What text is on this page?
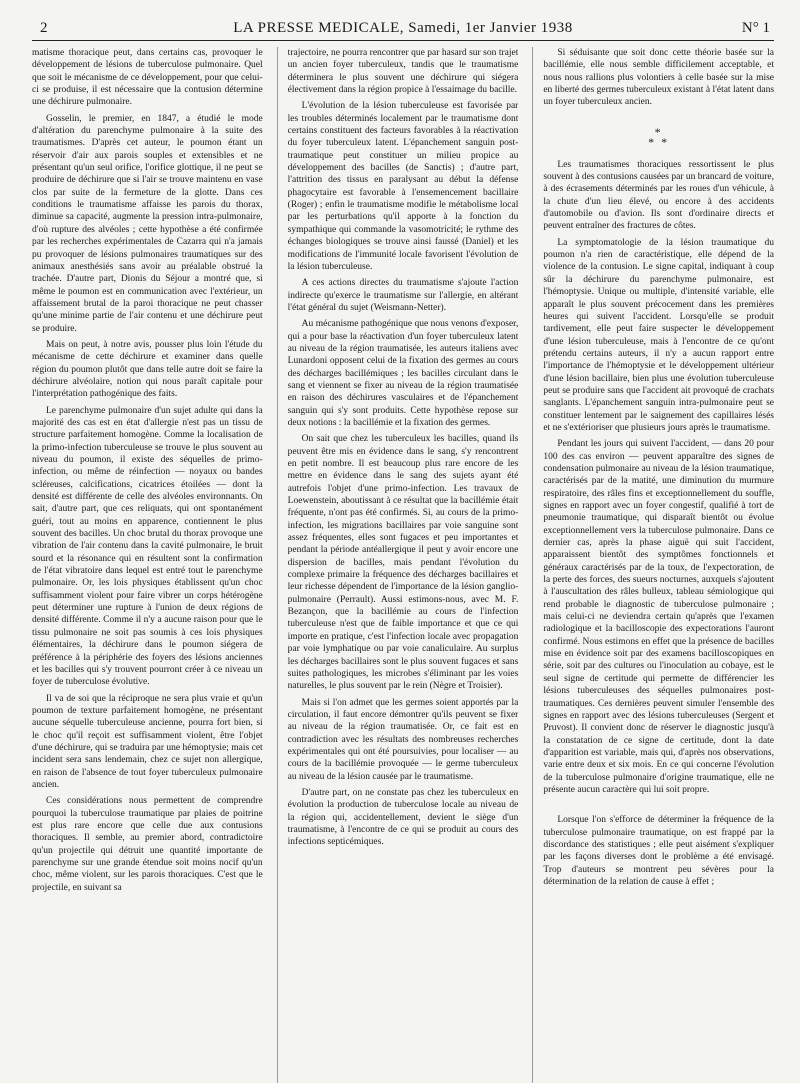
2	LA PRESSE MEDICALE, Samedi, 1er Janvier 1938	N° 1

matisme thoracique peut, dans certains cas, provoquer le développement de lésions de tuberculose pulmonaire. Quel que soit le mécanisme de ce développement, pour que celui-ci se produise, il est nécessaire que la contusion détermine une déchirure pulmonaire.

Gosselin, le premier, en 1847, a étudié le mode d'altération du parenchyme pulmonaire à la suite des traumatismes. D'après cet auteur, le poumon étant un réservoir d'air aux parois souples et extensibles et ne présentant qu'un seul orifice, l'orifice glottique, il ne peut se produire de déchirure que si l'air se trouve maintenu en vase clos par suite de la fermeture de la glotte. Dans ces conditions le traumatisme affaisse les parois du thorax, diminue sa capacité, augmente la pression intra-pulmonaire, d'où rupture des alvéoles ; cette hypothèse a été confirmée par les recherches expérimentales de Cazarra qui n'a jamais pu provoquer de lésions pulmonaires traumatiques sur des animaux anesthésiés sans avoir au préalable obstrué la trachée. D'autre part, Dionis du Séjour a montré que, si même le poumon est en communication avec l'extérieur, un affaissement brutal de la paroi thoracique ne peut chasser qu'une minime partie de l'air contenu et une déchirure peut se produire.

Mais on peut, à notre avis, pousser plus loin l'étude du mécanisme de cette déchirure et examiner dans quelle région du poumon plutôt que dans telle autre doit se faire la déchirure alvéolaire, notion qui nous paraît capitale pour l'interprétation pathogénique des faits.

Le parenchyme pulmonaire d'un sujet adulte qui dans la majorité des cas est en état d'allergie n'est pas un tissu de structure parfaitement homogène. Comme la localisation de la primo-infection tuberculeuse se trouve le plus souvent au niveau du poumon, il existe des séquelles de primo-infection, ou même de réinfection — noyaux ou bandes scléreuses, calcifications, cicatrices étoilées — dont la densité est différente de celle des alvéoles environnants. On sait, d'autre part, que ces reliquats, qui ont spontanément guéri, tout au moins en apparence, contiennent le plus souvent des bacilles. Un choc brutal du thorax provoque une vibration de l'air contenu dans la cavité pulmonaire, le bruit sourd et la résonance qui en résultent sont la confirmation de l'état vibratoire dans lequel est entré tout le parenchyme pulmonaire. Or, les lois physiques établissent qu'un choc suffisamment violent pour faire vibrer un corps hétérogène peut déterminer une rupture à l'union de deux régions de densité différente. Comme il n'y a aucune raison pour que le tissu pulmonaire ne soit pas soumis à ces lois physiques élémentaires, la déchirure dans le poumon siégera de préférence à la périphérie des foyers des lésions anciennes et les bacilles qui s'y trouvent pourront créer à ce niveau un foyer de tuberculose évolutive.

Il va de soi que la réciproque ne sera plus vraie et qu'un poumon de texture parfaitement homogène, ne présentant aucune séquelle tuberculeuse ancienne, pourra fort bien, si le choc qu'il reçoit est suffisamment violent, être l'objet d'une déchirure, qui se traduira par une hémoptysie; mais cet incident sera sans lendemain, chez ce sujet non allergique, en raison de l'absence de tout foyer tuberculeux pulmonaire ancien.

Ces considérations nous permettent de comprendre pourquoi la tuberculose traumatique par plaies de poitrine est plus rare encore que celle due aux contusions thoraciques. Il semble, au premier abord, contradictoire qu'un projectile qui détruit une quantité importante de parenchyme sur une grande étendue soit moins nocif qu'un choc, même violent, sur les parois thoraciques. C'est que le projectile, en suivant sa

trajectoire, ne pourra rencontrer que par hasard sur son trajet un ancien foyer tuberculeux, tandis que le traumatisme déterminera le plus souvent une déchirure qui siégera électivement dans la région propice à l'essaimage du bacille.

L'évolution de la lésion tuberculeuse est favorisée par les troubles déterminés localement par le traumatisme dont certains constituent des facteurs favorables à la réactivation du foyer tuberculeux latent. L'épanchement sanguin post-traumatique peut constituer un milieu propice au développement des bacilles (de Sanctis) ; d'autre part, l'attrition des tissus en paralysant au début la défense phagocytaire est favorable à l'ensemencement bacillaire (Roger) ; enfin le traumatisme modifie le métabolisme local par les perturbations qu'il apporte à la fonction du sympathique qui commande la vasomotricité; le rythme des échanges biologiques se trouve ainsi faussé (Daniel) et les modifications de l'immunité locale favorisent l'évolution de la lésion tuberculeuse.

A ces actions directes du traumatisme s'ajoute l'action indirecte qu'exerce le traumatisme sur l'allergie, en altérant l'état général du sujet (Weismann-Netter).

Au mécanisme pathogénique que nous venons d'exposer, qui a pour base la réactivation d'un foyer tuberculeux latent au niveau de la région traumatisée, les auteurs italiens avec Lunardoni opposent celui de la fixation des germes au cours des décharges bacillémiques ; les bacilles circulant dans le sang et viennent se fixer au niveau de la région traumatisée en raison des déchirures vasculaires et de l'épanchement sanguin qui s'y sont produits. Cette hypothèse repose sur deux notions : la bacillémie et la fixation des germes.

On sait que chez les tuberculeux les bacilles, quand ils peuvent être mis en évidence dans le sang, s'y rencontrent en petit nombre. Il est beaucoup plus rare encore de les mettre en évidence dans le sang des sujets ayant été autrefois l'objet d'une primo-infection. Les travaux de Loewenstein, aboutissant à ce résultat que la bacillémie était fréquente, n'ont pas été confirmés. Si, au cours de la primo-infection, les migrations bacillaires par voie sanguine sont assez fréquentes, elles sont fugaces et peu importantes et pendant la période antéallergique il peut y avoir encore une dispersion de bacilles, mais pendant l'évolution du complexe primaire la fréquence des décharges bacillaires et leur richesse dépendent de l'importance de la lésion ganglio-pulmonaire (Perrault). Aussi estimons-nous, avec M. F. Bezançon, que la bacillémie au cours de l'infection tuberculeuse n'est que de faible importance et que ce qui importe en pratique, c'est l'infection locale avec propagation par voie lymphatique ou par voie canaliculaire. Au surplus les décharges bacillaires sont le plus souvent fugaces et sans suites pathologiques, les microbes s'éliminant par les voies naturelles, le plus souvent par le rein (Nègre et Troisier).

Mais si l'on admet que les germes soient apportés par la circulation, il faut encore démontrer qu'ils peuvent se fixer au niveau de la région traumatisée. Or, ce fait est en contradiction avec les résultats des nombreuses recherches expérimentales qui ont été poursuivies, pour localiser — au cours de la bacillémie provoquée — le germe tuberculeux au niveau de la lésion causée par le traumatisme.

D'autre part, on ne constate pas chez les tuberculeux en évolution la production de tuberculose locale au niveau de la région qui, accidentellement, devient le siège d'un traumatisme, à l'encontre de ce qui se produit au cours des infections septicémiques.

Si séduisante que soit donc cette théorie basée sur la bacillémie, elle nous semble difficilement acceptable, et nous nous rallions plus volontiers à celle basée sur la mise en liberté des germes tuberculeux existant à l'état latent dans un foyer tuberculeux ancien.

*
* *

Les traumatismes thoraciques ressortissent le plus souvent à des contusions causées par un brancard de voiture, à des écrasements déterminés par les roues d'un véhicule, à la chute d'un lieu élevé, ou encore à des accidents d'automobile ou d'avion. Ils sont d'ordinaire directs et peuvent entraîner des fractures de côtes.

La symptomatologie de la lésion traumatique du poumon n'a rien de caractéristique, elle dépend de la violence de la contusion. Le signe capital, indiquant à coup sûr la déchirure du parenchyme pulmonaire, est l'hémoptysie. Unique ou multiple, d'intensité variable, elle apparaît le plus souvent précocement dans les premières heures qui suivent l'accident. Lorsqu'elle se produit tardivement, elle peut faire suspecter le développement d'une lésion tuberculeuse, mais à l'encontre de ce qu'ont prétendu certains auteurs, il n'y a aucun rapport entre l'importance de l'hémoptysie et le développement ultérieur d'une lésion bacillaire, bien plus une évolution tuberculeuse peut se produire sans que l'accident ait provoqué de crachats sanglants. L'épanchement sanguin intra-pulmonaire peut se constituer lentement par le saignement des capillaires lésés et ne s'extérioriser que plusieurs jours après le traumatisme.

Pendant les jours qui suivent l'accident, — dans 20 pour 100 des cas environ — peuvent apparaître des signes de condensation pulmonaire au niveau de la lésion traumatique, caractérisés par de la matité, une diminution du murmure respiratoire, des râles fins et exceptionnellement du souffle, signes en rapport avec un foyer congestif, qualifié à tort de pneumonie traumatique, qui disparaît bientôt ou évolue exceptionnellement vers la tuberculose pulmonaire. Dans ce dernier cas, après la phase aiguë qui suit l'accident, apparaissent bientôt des symptômes fonctionnels et généraux caractérisés par de la toux, de l'expectoration, de la perte des forces, des sueurs nocturnes, auxquels s'ajoutent à l'auscultation des râles bulleux, tableau sémiologique qui rend probable le diagnostic de tuberculose pulmonaire ; mais celui-ci ne deviendra certain qu'après que l'examen radiologique et la bacilloscopie des expectorations l'auront confirmé. Nous estimons en effet que la présence de bacilles mise en évidence soit par des examens bacilloscopiques en série, soit par des cultures ou l'inoculation au cobaye, est le seul signe de certitude qui permette de différencier les lésions tuberculeuses des séquelles pulmonaires post-traumatiques. Ces dernières peuvent simuler l'ensemble des signes en rapport avec des lésions tuberculeuses (Sergent et Pruvost). Il convient donc de réserver le diagnostic jusqu'à la constatation de ce signe de certitude, dont la date d'apparition est variable, mais qui, d'après nos observations, varie entre deux et six mois. En ce qui concerne l'évolution de la tuberculose pulmonaire d'origine traumatique, elle ne présente aucun caractère qui lui soit propre.

Lorsque l'on s'efforce de déterminer la fréquence de la tuberculose pulmonaire traumatique, on est frappé par la discordance des statistiques ; elle peut aisément s'expliquer par les façons diverses dont le problème a été envisagé. Trop d'auteurs se montrent peu sévères pour la détermination de la relation de cause à effet ;
